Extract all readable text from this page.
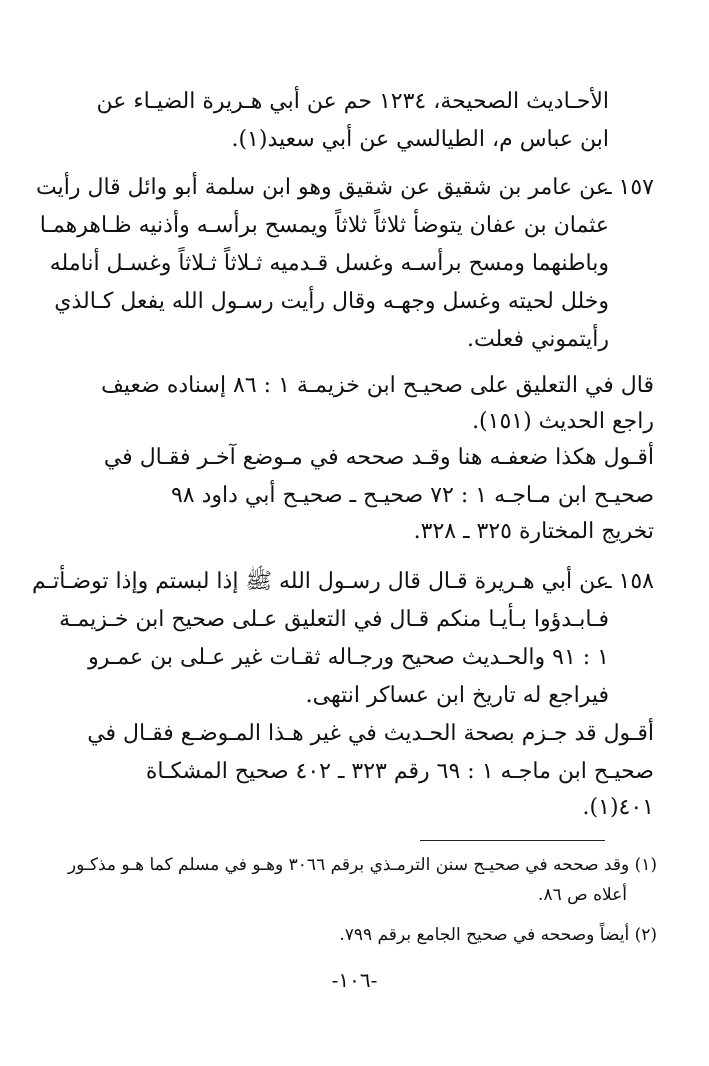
الأحـاديث الصحيحة، ١٢٣٤ حم عن أبي هـريرة الضيـاء عن
ابن عباس م، الطيالسي عن أبي سعيد(١).
١٥٧ ـ
عن عامر بن شقيق عن شقيق وهو ابن سلمة أبو وائل قال رأيت
عثمان بن عفان يتوضأ ثلاثاً ثلاثاً ويمسح برأسـه وأذنيه ظـاهرهمـا
وباطنهما ومسح برأسـه وغسل قـدميه ثـلاثاً ثـلاثاً وغسـل أنامله
وخلل لحيته وغسل وجهـه وقال رأيت رسـول الله يفعل كـالذي
رأيتموني فعلت.
قال في التعليق على صحيـح ابن خزيمـة ١ : ٨٦ إسناده ضعيف
راجع الحديث (١٥١).
أقـول هكذا ضعفـه هنا وقـد صححه في مـوضع آخـر فقـال في
صحيـح ابن مـاجـه ١ : ٧٢ صحيـح ـ صحيـح أبي داود ٩٨
تخريج المختارة ٣٢٥ ـ ٣٢٨.
١٥٨ ـ
عن أبي هـريرة قـال قال رسـول الله ﷺ إذا لبستم وإذا توضـأتـم
فـابـدؤوا بـأيـا منكم قـال في التعليق عـلى صحيح ابن خـزيمـة
١ : ٩١ والحـديث صحيح ورجـاله ثقـات غير عـلى بن عمـرو
فيراجع له تاريخ ابن عساكر انتهى.
أقـول قد جـزم بصحة الحـديث في غير هـذا المـوضـع فقـال في
صحيـح ابن ماجـه ١ : ٦٩ رقم ٣٢٣ ـ ٤٠٢ صحيح المشكـاة
٤٠١(١).
(١) وقد صححه في صحيـح سنن الترمـذي برقم ٣٠٦٦ وهـو في مسلم كما هـو مذكـور
أعلاه ص ٨٦.
(٢) أيضاً وصححه في صحيح الجامع برقم ٧٩٩.
-١٠٦-
